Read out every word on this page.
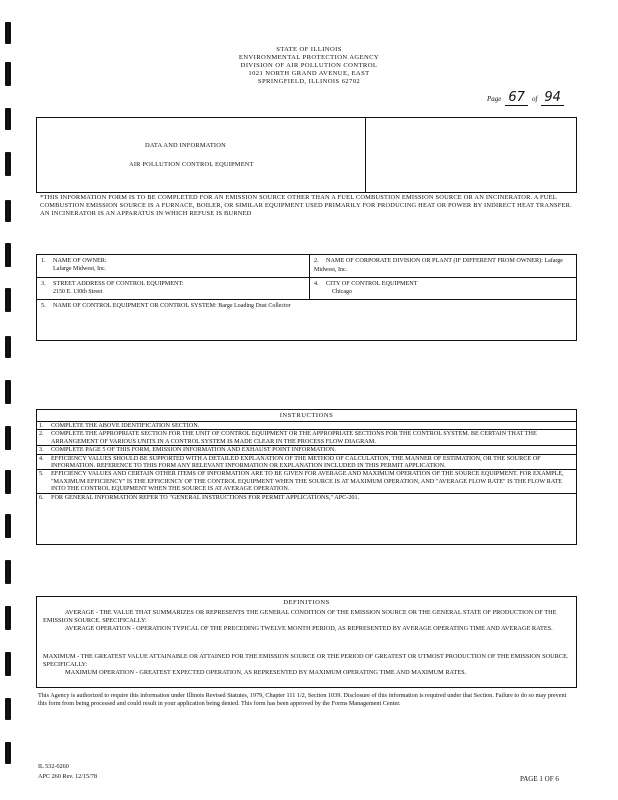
STATE OF ILLINOIS
ENVIRONMENTAL PROTECTION AGENCY
DIVISION OF AIR POLLUTION CONTROL
1021 NORTH GRAND AVENUE, EAST
SPRINGFIELD, ILLINOIS 62702
Page 67 of 94
DATA AND INFORMATION
AIR POLLUTION CONTROL EQUIPMENT
*THIS INFORMATION FORM IS TO BE COMPLETED FOR AN EMISSION SOURCE OTHER THAN A FUEL COMBUSTION EMISSION SOURCE OR AN INCINERATOR. A FUEL COMBUSTION EMISSION SOURCE IS A FURNACE, BOILER, OR SIMILAR EQUIPMENT USED PRIMARILY FOR PRODUCING HEAT OR POWER BY INDIRECT HEAT TRANSFER. AN INCINERATOR IS AN APPARATUS IN WHICH REFUSE IS BURNED
1. NAME OF OWNER:
Lafarge Midwest, Inc.
2. NAME OF CORPORATE DIVISION OR PLANT (IF DIFFERENT FROM OWNER): Lafarge Midwest, Inc.
3. STREET ADDRESS OF CONTROL EQUIPMENT:
2150 E. 130th Street
4. CITY OF CONTROL EQUIPMENT
Chicago
5. NAME OF CONTROL EQUIPMENT OR CONTROL SYSTEM: Barge Loading Dust Collector
INSTRUCTIONS
1. COMPLETE THE ABOVE IDENTIFICATION SECTION.
2. COMPLETE THE APPROPRIATE SECTION FOR THE UNIT OF CONTROL EQUIPMENT OR THE APPROPRIATE SECTIONS FOR THE CONTROL SYSTEM. BE CERTAIN THAT THE ARRANGEMENT OF VARIOUS UNITS IN A CONTROL SYSTEM IS MADE CLEAR IN THE PROCESS FLOW DIAGRAM.
3. COMPLETE PAGE 5 OF THIS FORM, EMISSION INFORMATION AND EXHAUST POINT INFORMATION.
4. EFFICIENCY VALUES SHOULD BE SUPPORTED WITH A DETAILED EXPLANATION OF THE METHOD OF CALCULATION, THE MANNER OF ESTIMATION, OR THE SOURCE OF INFORMATION. REFERENCE TO THIS FORM ANY RELEVANT INFORMATION OR EXPLANATION INCLUDED IN THIS PERMIT APPLICATION.
5. EFFICIENCY VALUES AND CERTAIN OTHER ITEMS OF INFORMATION ARE TO BE GIVEN FOR AVERAGE AND MAXIMUM OPERATION OF THE SOURCE EQUIPMENT. FOR EXAMPLE, "MAXIMUM EFFICIENCY" IS THE EFFICIENCY OF THE CONTROL EQUIPMENT WHEN THE SOURCE IS AT MAXIMUM OPERATION, AND "AVERAGE FLOW RATE" IS THE FLOW RATE INTO THE CONTROL EQUIPMENT WHEN THE SOURCE IS AT AVERAGE OPERATION.
6. FOR GENERAL INFORMATION REFER TO "GENERAL INSTRUCTIONS FOR PERMIT APPLICATIONS," APC-201.
DEFINITIONS
AVERAGE - THE VALUE THAT SUMMARIZES OR REPRESENTS THE GENERAL CONDITION OF THE EMISSION SOURCE OR THE GENERAL STATE OF PRODUCTION OF THE EMISSION SOURCE. SPECIFICALLY:
AVERAGE OPERATION - OPERATION TYPICAL OF THE PRECEDING TWELVE MONTH PERIOD, AS REPRESENTED BY AVERAGE OPERATING TIME AND AVERAGE RATES.
MAXIMUM - THE GREATEST VALUE ATTAINABLE OR ATTAINED FOR THE EMISSION SOURCE OR THE PERIOD OF GREATEST OR UTMOST PRODUCTION OF THE EMISSION SOURCE. SPECIFICALLY:
MAXIMUM OPERATION - GREATEST EXPECTED OPERATION, AS REPRESENTED BY MAXIMUM OPERATING TIME AND MAXIMUM RATES.
This Agency is authorized to require this information under Illinois Revised Statutes, 1979, Chapter 111 1/2, Section 1039. Disclosure of this information is required under that Section. Failure to do so may prevent this form from being processed and could result in your application being denied. This form has been approved by the Forms Management Center.
IL 532-0260
APC 260 Rev. 12/15/78	PAGE 1 OF 6
